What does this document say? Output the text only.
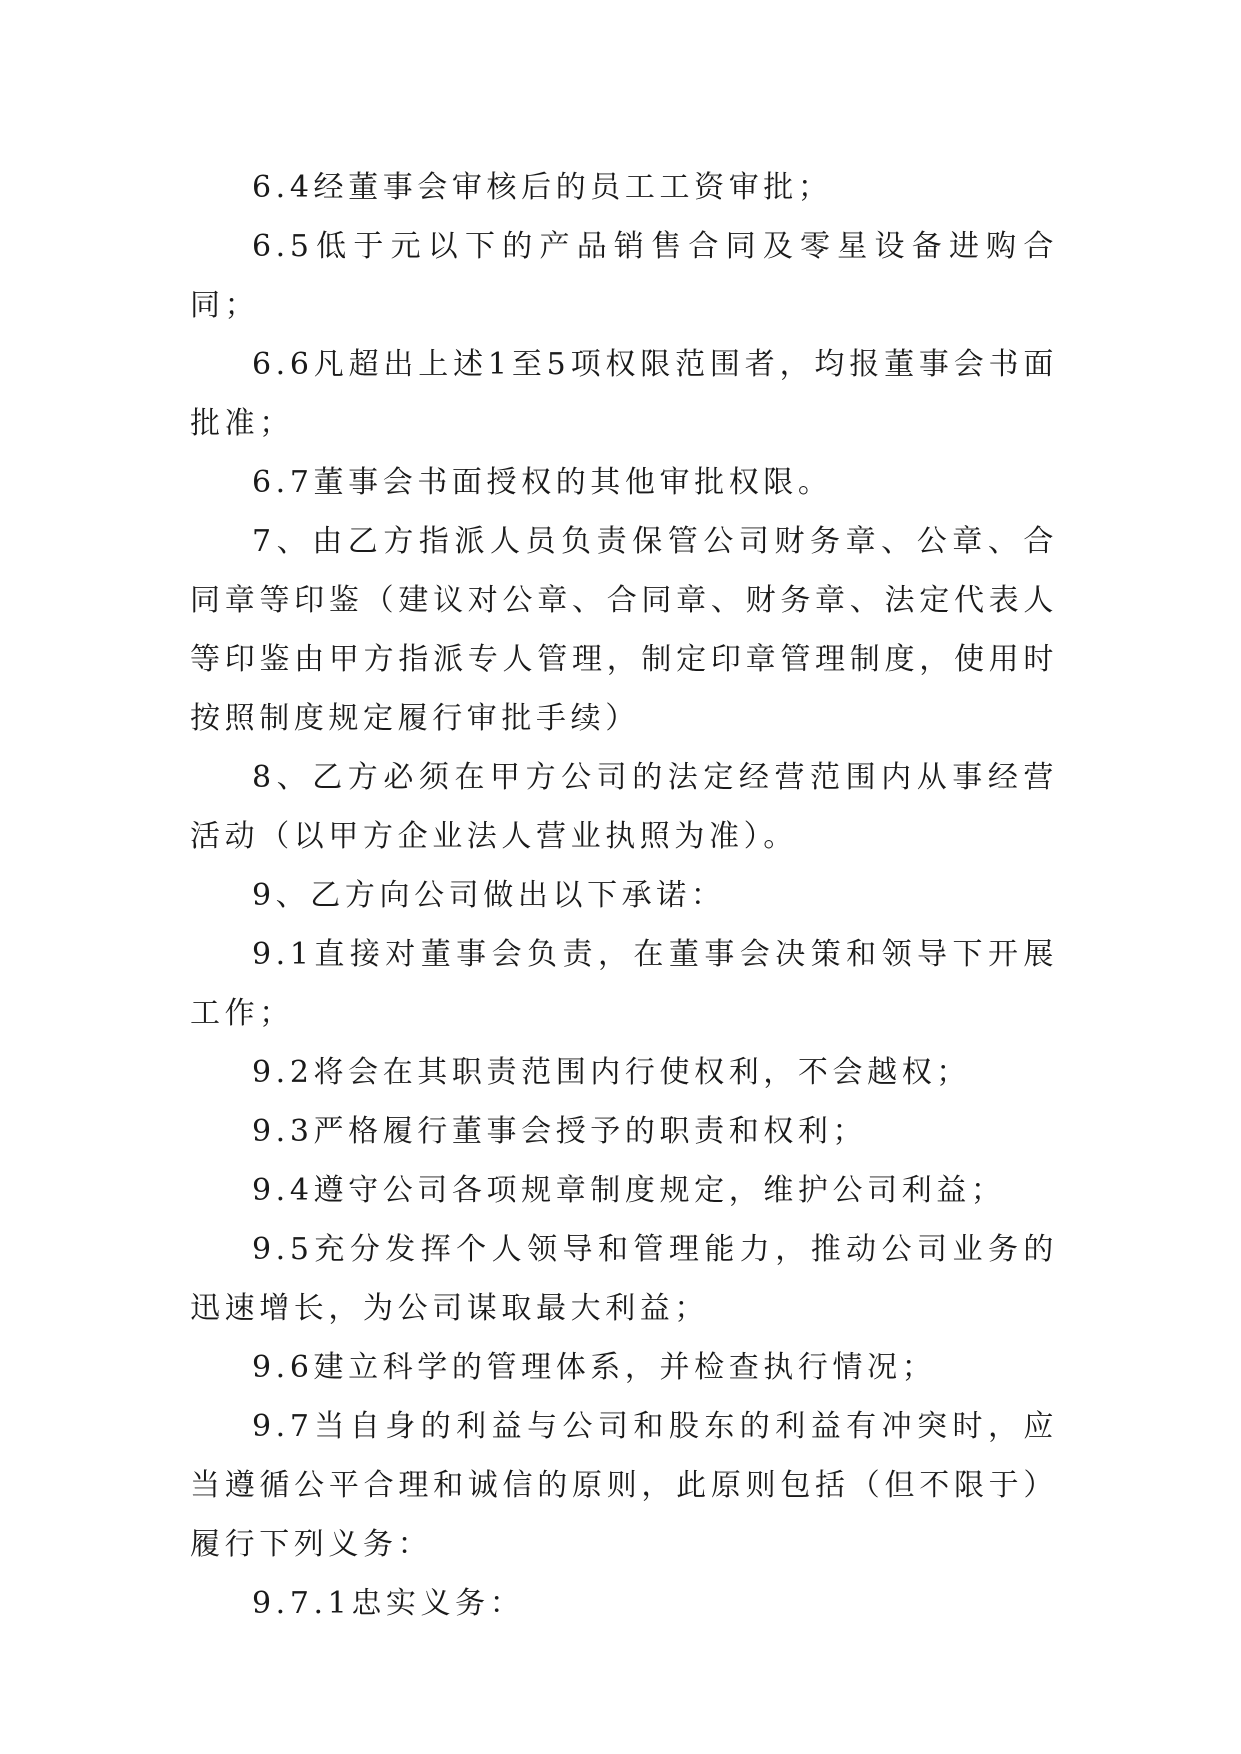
6.4经董事会审核后的员工工资审批；

6.5低于元以下的产品销售合同及零星设备进购合同；

6.6凡超出上述1至5项权限范围者，均报董事会书面批准；

6.7董事会书面授权的其他审批权限。

7、由乙方指派人员负责保管公司财务章、公章、合同章等印鉴（建议对公章、合同章、财务章、法定代表人等印鉴由甲方指派专人管理，制定印章管理制度，使用时按照制度规定履行审批手续）

8、乙方必须在甲方公司的法定经营范围内从事经营活动（以甲方企业法人营业执照为准）。

9、乙方向公司做出以下承诺：

9.1直接对董事会负责，在董事会决策和领导下开展工作；

9.2将会在其职责范围内行使权利，不会越权；

9.3严格履行董事会授予的职责和权利；

9.4遵守公司各项规章制度规定，维护公司利益；

9.5充分发挥个人领导和管理能力，推动公司业务的迅速增长，为公司谋取最大利益；

9.6建立科学的管理体系，并检查执行情况；

9.7当自身的利益与公司和股东的利益有冲突时，应当遵循公平合理和诚信的原则，此原则包括（但不限于）履行下列义务：

9.7.1忠实义务：
